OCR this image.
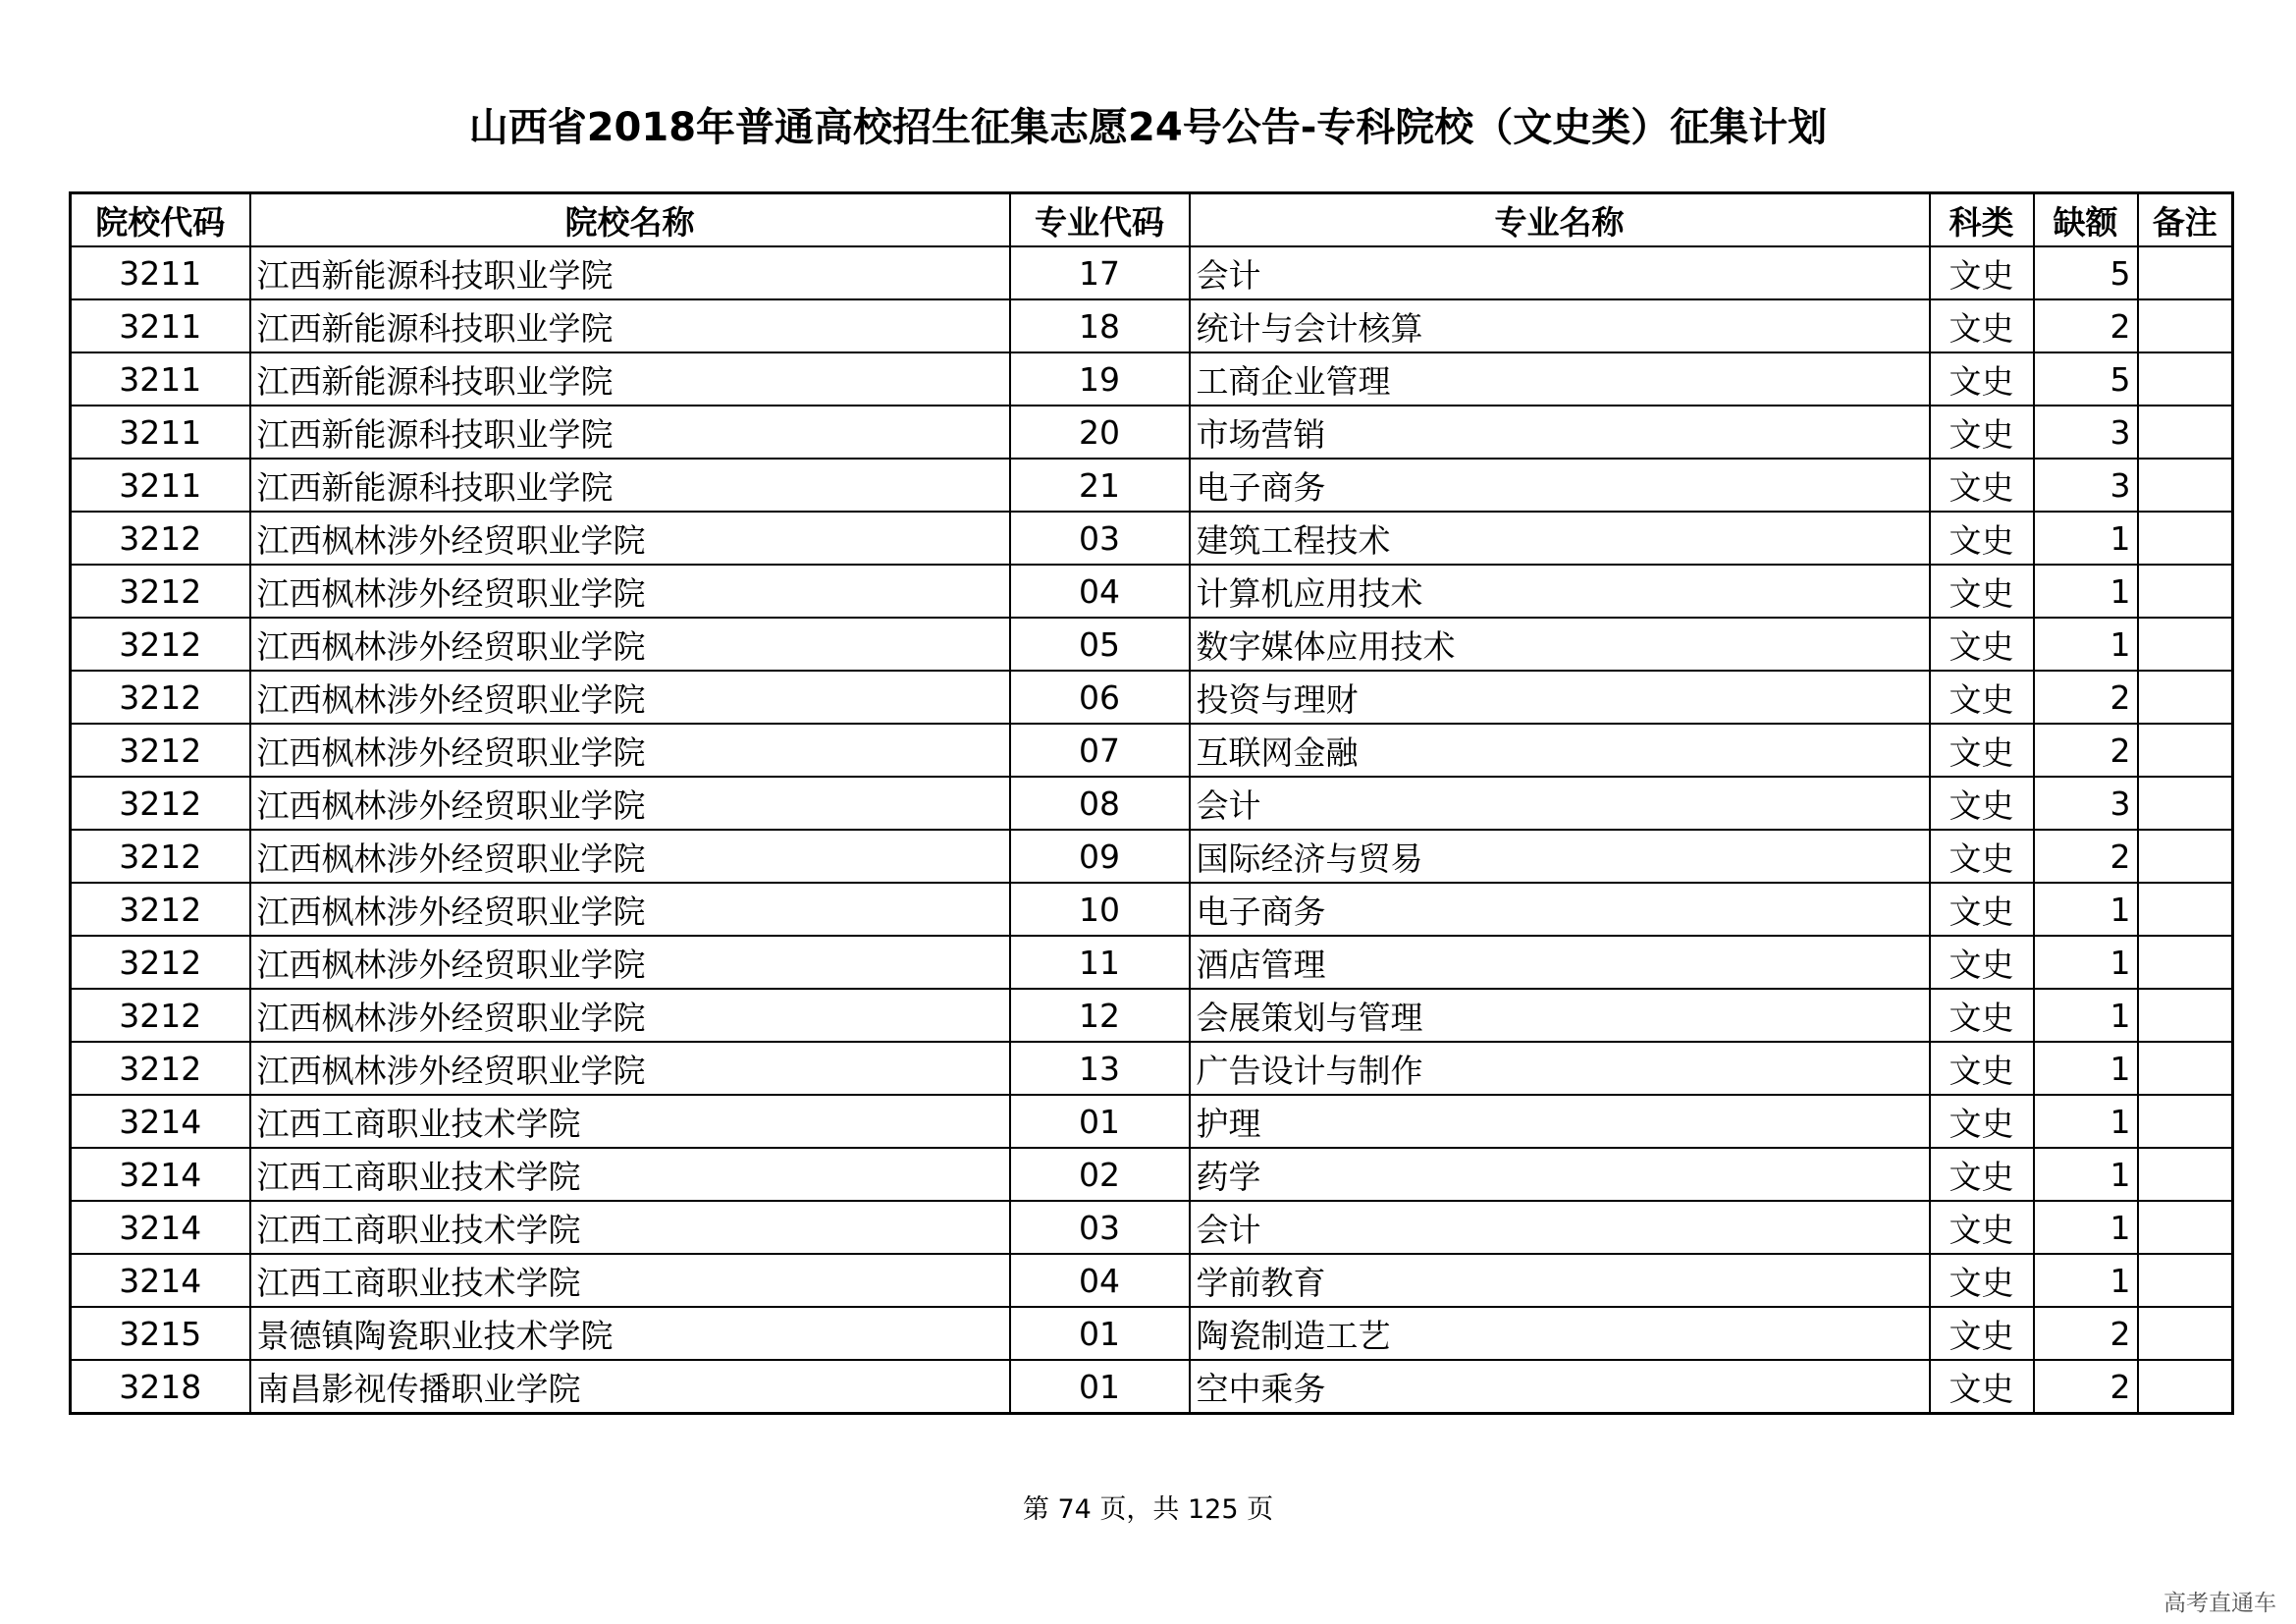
山西省2018年普通高校招生征集志愿24号公告-专科院校（文史类）征集计划
院校代码	院校名称	专业代码	专业名称	科类	缺额	备注
3211	江西新能源科技职业学院	17	会计	文史	5	
3211	江西新能源科技职业学院	18	统计与会计核算	文史	2	
3211	江西新能源科技职业学院	19	工商企业管理	文史	5	
3211	江西新能源科技职业学院	20	市场营销	文史	3	
3211	江西新能源科技职业学院	21	电子商务	文史	3	
3212	江西枫林涉外经贸职业学院	03	建筑工程技术	文史	1	
3212	江西枫林涉外经贸职业学院	04	计算机应用技术	文史	1	
3212	江西枫林涉外经贸职业学院	05	数字媒体应用技术	文史	1	
3212	江西枫林涉外经贸职业学院	06	投资与理财	文史	2	
3212	江西枫林涉外经贸职业学院	07	互联网金融	文史	2	
3212	江西枫林涉外经贸职业学院	08	会计	文史	3	
3212	江西枫林涉外经贸职业学院	09	国际经济与贸易	文史	2	
3212	江西枫林涉外经贸职业学院	10	电子商务	文史	1	
3212	江西枫林涉外经贸职业学院	11	酒店管理	文史	1	
3212	江西枫林涉外经贸职业学院	12	会展策划与管理	文史	1	
3212	江西枫林涉外经贸职业学院	13	广告设计与制作	文史	1	
3214	江西工商职业技术学院	01	护理	文史	1	
3214	江西工商职业技术学院	02	药学	文史	1	
3214	江西工商职业技术学院	03	会计	文史	1	
3214	江西工商职业技术学院	04	学前教育	文史	1	
3215	景德镇陶瓷职业技术学院	01	陶瓷制造工艺	文史	2	
3218	南昌影视传播职业学院	01	空中乘务	文史	2	
第 74 页，共 125 页
高考直通车
